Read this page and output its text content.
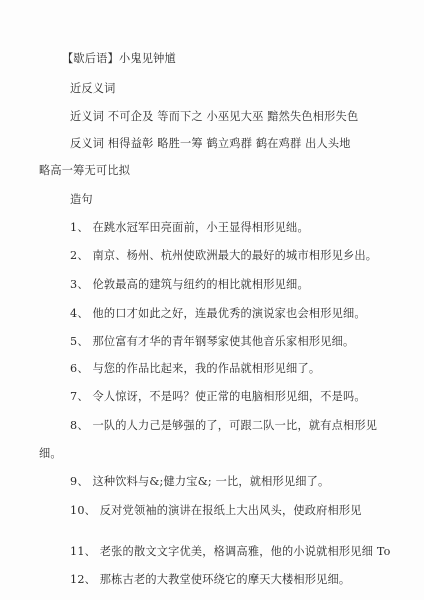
【歇后语】小鬼见钟馗
近反义词
近义词 不可企及 等而下之 小巫见大巫 黯然失色相形失色
反义词 相得益彰 略胜一筹 鹤立鸡群 鹤在鸡群 出人头地
略高一筹无可比拟
造句
1、 在跳水冠军田亮面前，小王显得相形见绌。
2、 南京、杨州、杭州使欧洲最大的最好的城市相形见乡出。
3、 伦敦最高的建筑与纽约的相比就相形见细。
4、 他的口才如此之好，连最优秀的演说家也会相形见细。
5、 那位富有才华的青年钢琴家使其他音乐家相形见细。
6、 与您的作品比起来，我的作品就相形见细了。
7、 令人惊讶，不是吗？使正常的电脑相形见细，不是吗。
8、 一队的人力己是够强的了，可跟二队一比，就有点相形见
细。
9、 这种饮料与&;健力宝&; 一比，就相形见细了。
10、 反对党领袖的演讲在报纸上大出风头，使政府相形见
11、 老张的散文文字优美，格调高雅，他的小说就相形见细 To
12、 那栋古老的大教堂使环绕它的摩天大楼相形见细。
